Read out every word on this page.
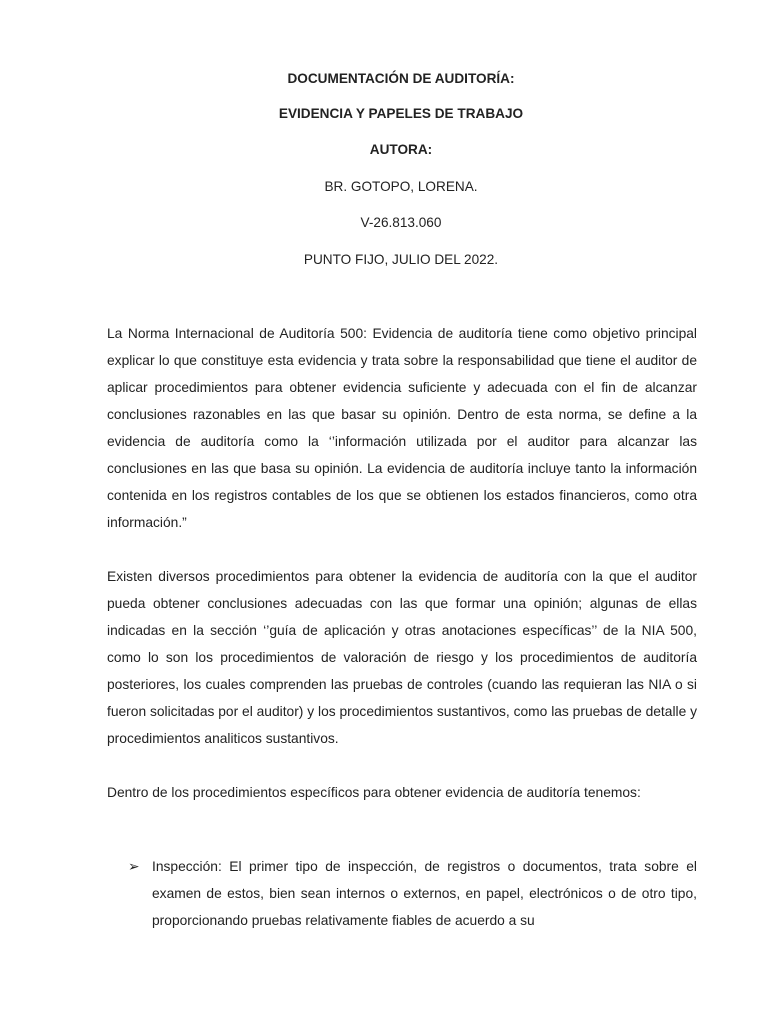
DOCUMENTACIÓN DE AUDITORÍA:

EVIDENCIA Y PAPELES DE TRABAJO

AUTORA:

BR. GOTOPO, LORENA.

V-26.813.060

PUNTO FIJO, JULIO DEL 2022.

La Norma Internacional de Auditoría 500: Evidencia de auditoría tiene como objetivo principal explicar lo que constituye esta evidencia y trata sobre la responsabilidad que tiene el auditor de aplicar procedimientos para obtener evidencia suficiente y adecuada con el fin de alcanzar conclusiones razonables en las que basar su opinión. Dentro de esta norma, se define a la evidencia de auditoría como la ‘’información utilizada por el auditor para alcanzar las conclusiones en las que basa su opinión. La evidencia de auditoría incluye tanto la información contenida en los registros contables de los que se obtienen los estados financieros, como otra información.”

Existen diversos procedimientos para obtener la evidencia de auditoría con la que el auditor pueda obtener conclusiones adecuadas con las que formar una opinión; algunas de ellas indicadas en la sección ‘’guía de aplicación y otras anotaciones específicas’’ de la NIA 500, como lo son los procedimientos de valoración de riesgo y los procedimientos de auditoría posteriores, los cuales comprenden las pruebas de controles (cuando las requieran las NIA o si fueron solicitadas por el auditor) y los procedimientos sustantivos, como las pruebas de detalle y procedimientos analiticos sustantivos.

Dentro de los procedimientos específicos para obtener evidencia de auditoría tenemos:

➢ Inspección: El primer tipo de inspección, de registros o documentos, trata sobre el examen de estos, bien sean internos o externos, en papel, electrónicos o de otro tipo, proporcionando pruebas relativamente fiables de acuerdo a su
